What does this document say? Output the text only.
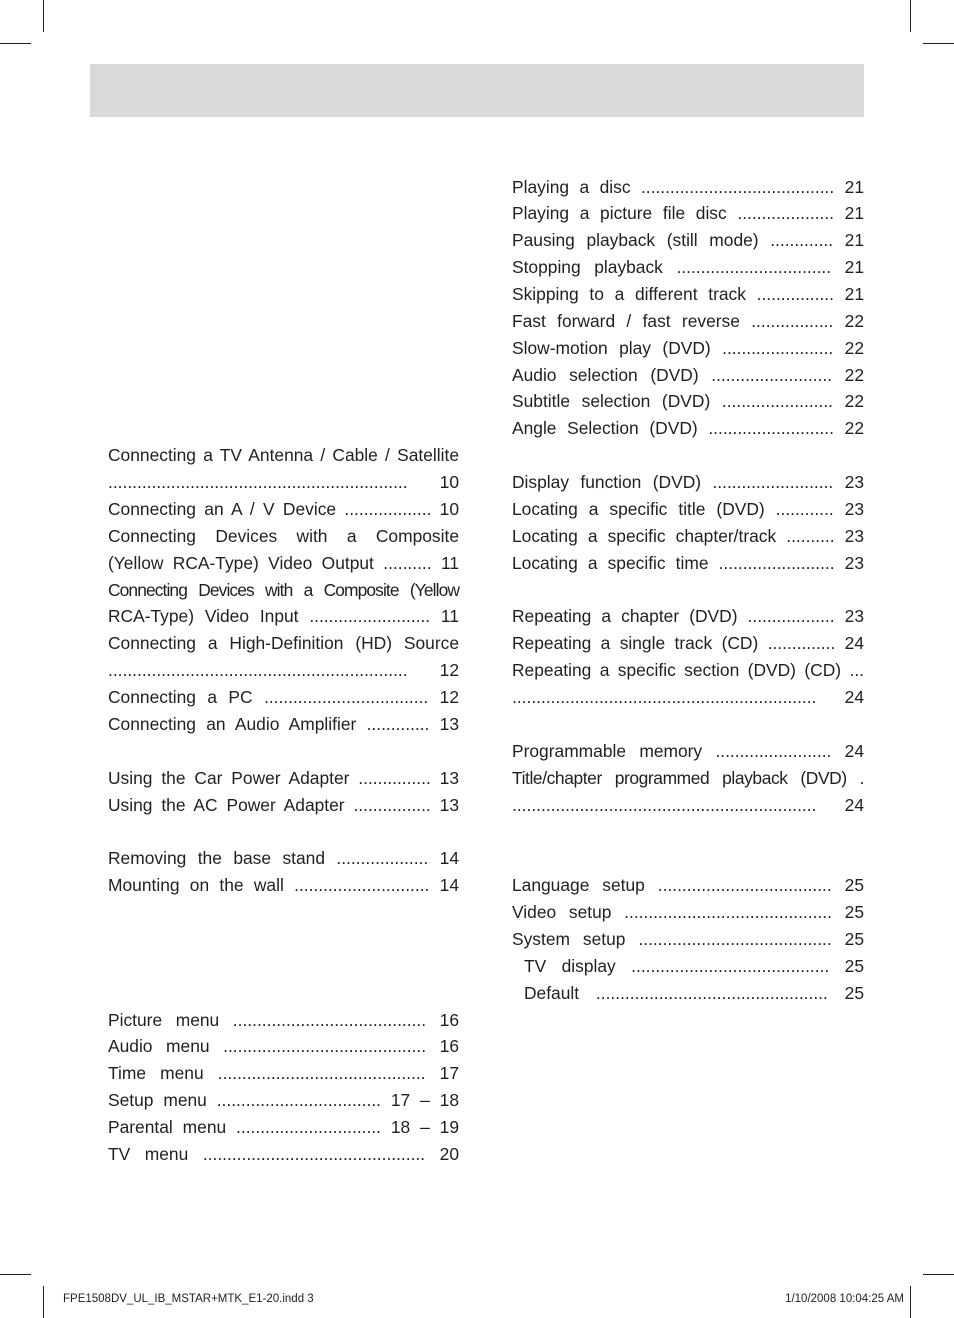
Connecting a TV Antenna / Cable / Satellite
.............................................................. 10
Connecting an A / V Device .................. 10
Connecting Devices with a Composite
(Yellow RCA-Type) Video Output .......... 11
Connecting Devices with a Composite (Yellow
RCA-Type) Video Input ......................... 11
Connecting a High-Definition (HD) Source
.............................................................. 12
Connecting a PC .................................. 12
Connecting an Audio Amplifier ............. 13
Using the Car Power Adapter ............... 13
Using the AC Power Adapter ................ 13
Removing the base stand ................... 14
Mounting on the wall ............................ 14
Picture menu ........................................ 16
Audio menu .......................................... 16
Time menu ........................................... 17
Setup menu .................................. 17 – 18
Parental menu .............................. 18 – 19
TV menu .............................................. 20
Playing a disc ........................................ 21
Playing a picture file disc .................... 21
Pausing playback (still mode) ............. 21
Stopping playback ................................ 21
Skipping to a different track ................ 21
Fast forward / fast reverse ................. 22
Slow-motion play (DVD) ....................... 22
Audio selection (DVD) ......................... 22
Subtitle selection (DVD) ....................... 22
Angle Selection (DVD) .......................... 22
Display function (DVD) ......................... 23
Locating a specific title (DVD) ............ 23
Locating a specific chapter/track .......... 23
Locating a specific time ........................ 23
Repeating a chapter (DVD) .................. 23
Repeating a single track (CD) .............. 24
Repeating a specific section (DVD) (CD) ...
............................................................... 24
Programmable memory ........................ 24
Title/chapter programmed playback (DVD) .
............................................................... 24
Language setup .................................... 25
Video setup ........................................... 25
System setup ........................................ 25
TV display ......................................... 25
Default ................................................ 25
FPE1508DV_UL_IB_MSTAR+MTK_E1-20.indd 3	1/10/2008 10:04:25 AM
